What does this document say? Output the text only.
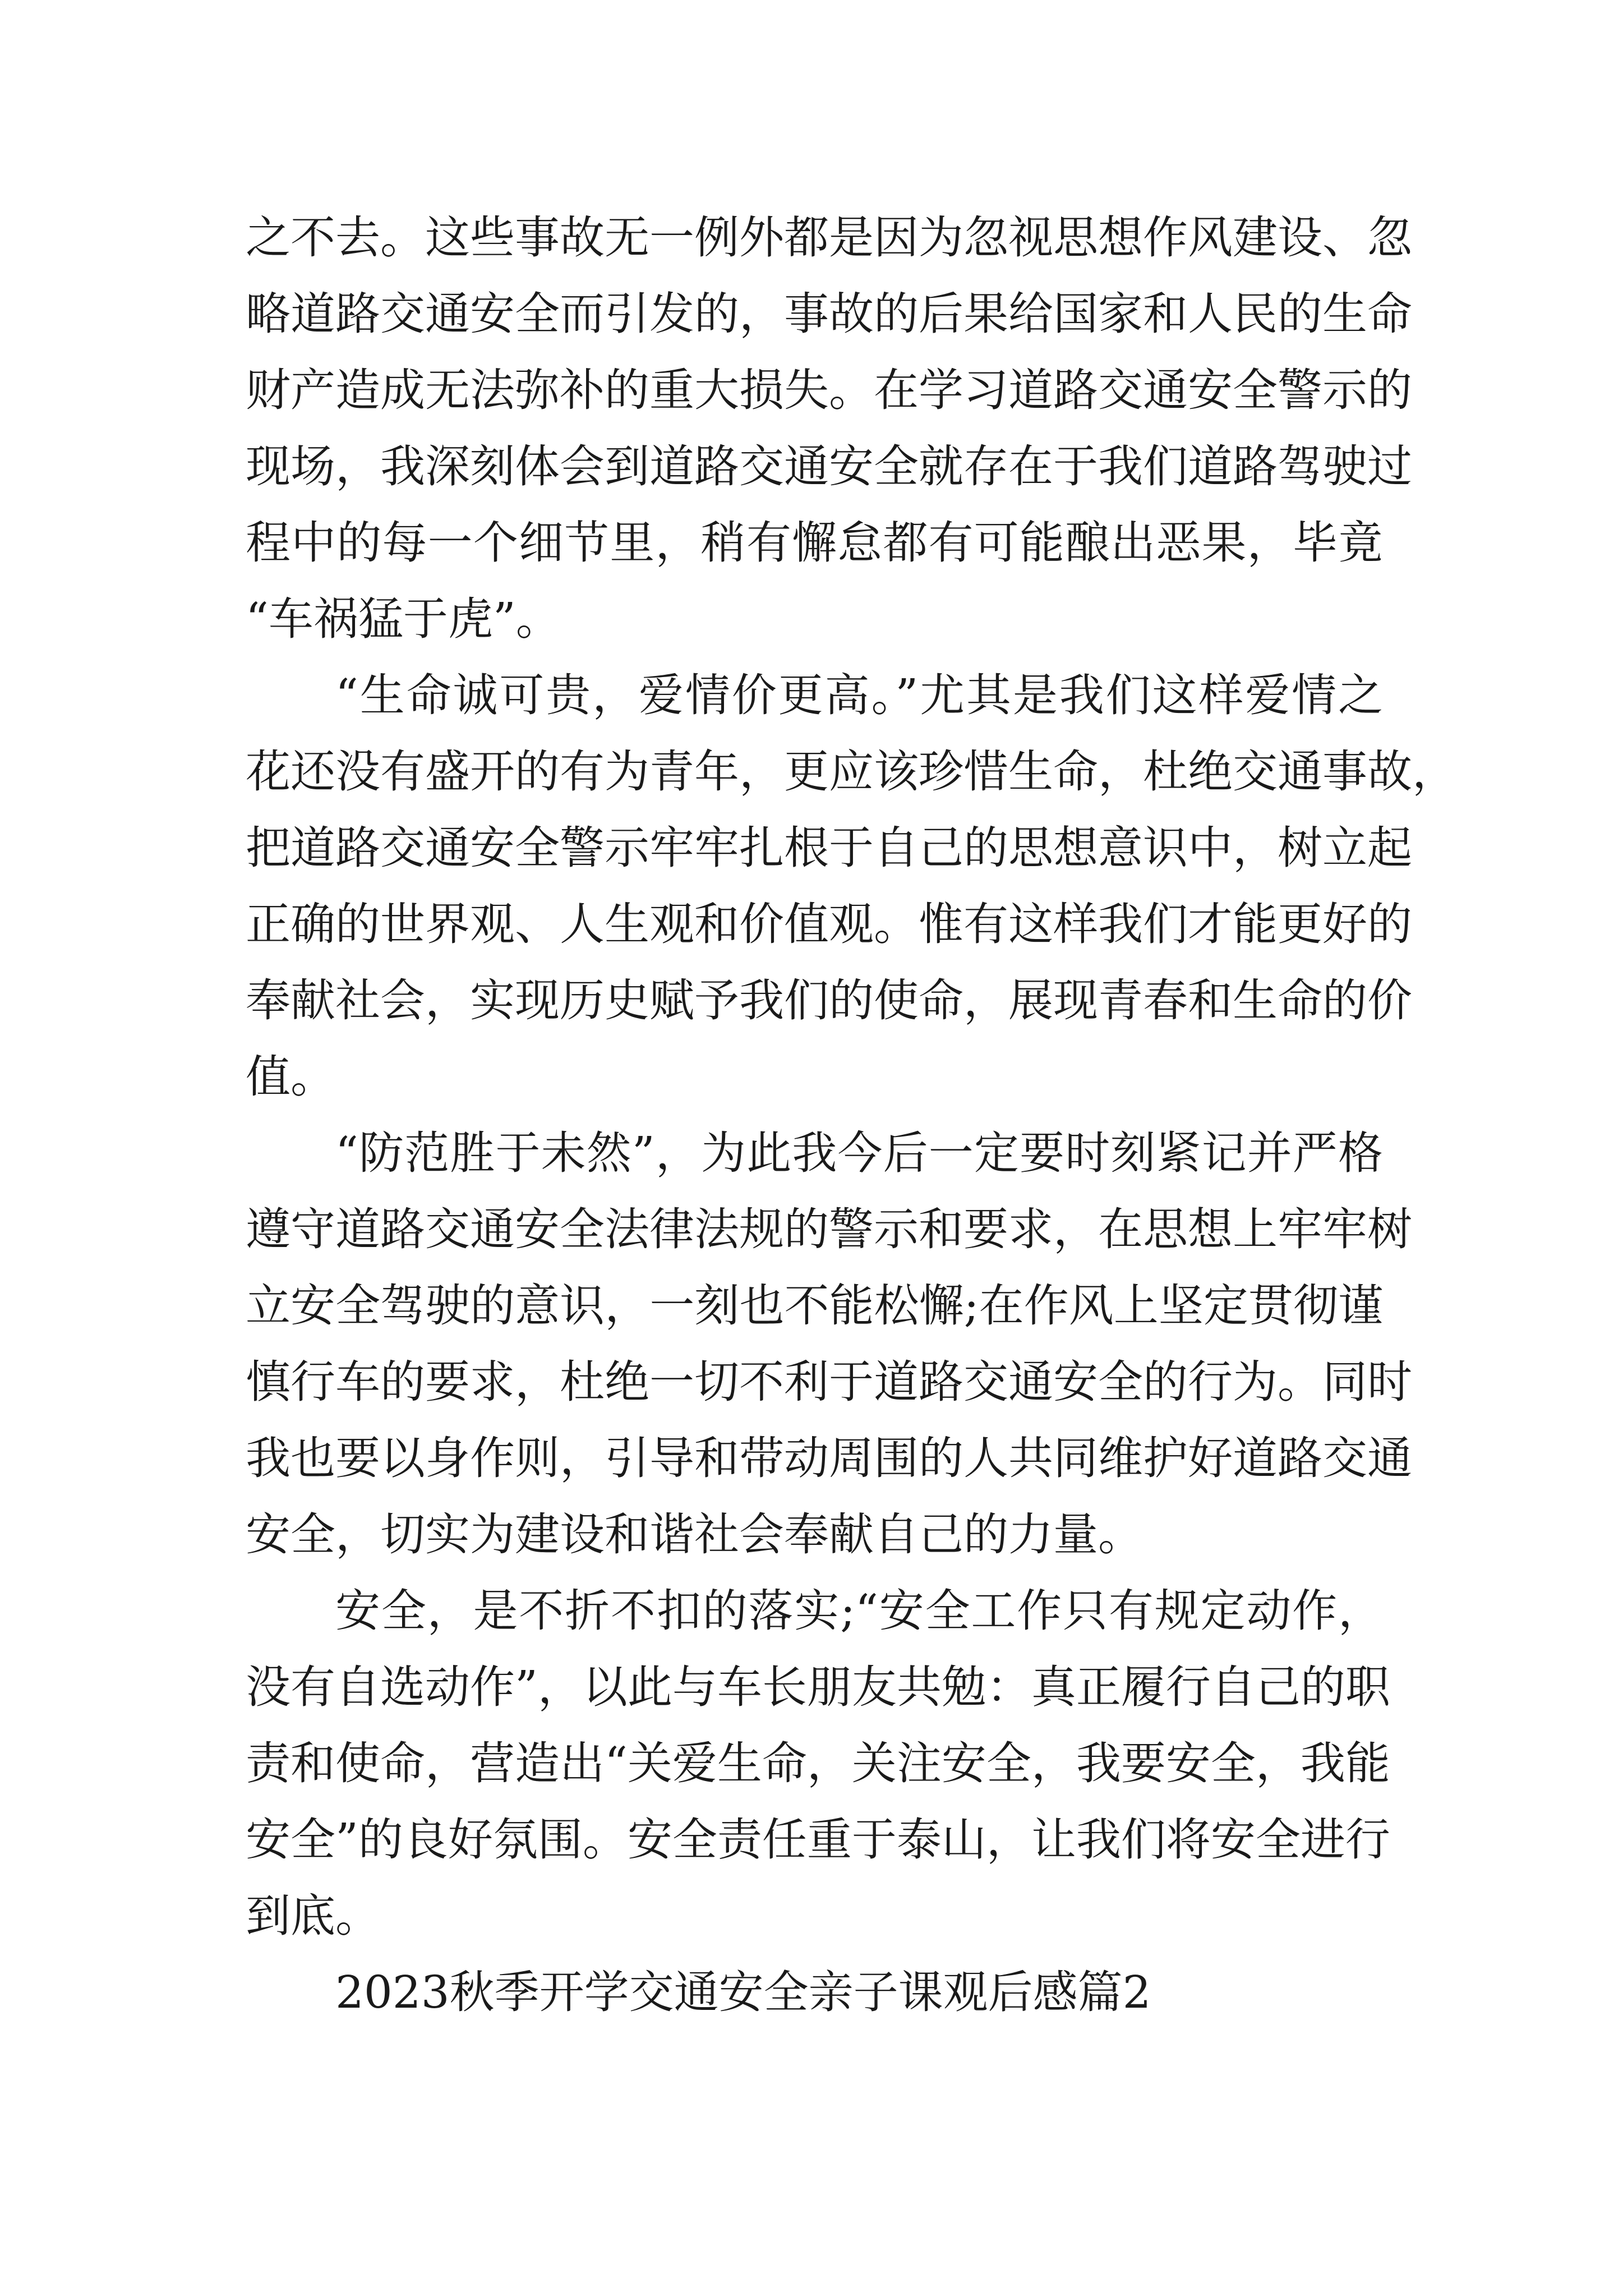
之不去。这些事故无一例外都是因为忽视思想作风建设、忽
略道路交通安全而引发的，事故的后果给国家和人民的生命
财产造成无法弥补的重大损失。在学习道路交通安全警示的
现场，我深刻体会到道路交通安全就存在于我们道路驾驶过
程中的每一个细节里，稍有懈怠都有可能酿出恶果，毕竟
“车祸猛于虎”。
“生命诚可贵，爱情价更高。”尤其是我们这样爱情之
花还没有盛开的有为青年，更应该珍惜生命，杜绝交通事故，
把道路交通安全警示牢牢扎根于自己的思想意识中，树立起
正确的世界观、人生观和价值观。惟有这样我们才能更好的
奉献社会，实现历史赋予我们的使命，展现青春和生命的价
值。
“防范胜于未然”，为此我今后一定要时刻紧记并严格
遵守道路交通安全法律法规的警示和要求，在思想上牢牢树
立安全驾驶的意识，一刻也不能松懈;在作风上坚定贯彻谨
慎行车的要求，杜绝一切不利于道路交通安全的行为。同时
我也要以身作则，引导和带动周围的人共同维护好道路交通
安全，切实为建设和谐社会奉献自己的力量。
安全，是不折不扣的落实;“安全工作只有规定动作，
没有自选动作”，以此与车长朋友共勉：真正履行自己的职
责和使命，营造出“关爱生命，关注安全，我要安全，我能
安全”的良好氛围。安全责任重于泰山，让我们将安全进行
到底。
2023秋季开学交通安全亲子课观后感篇2
